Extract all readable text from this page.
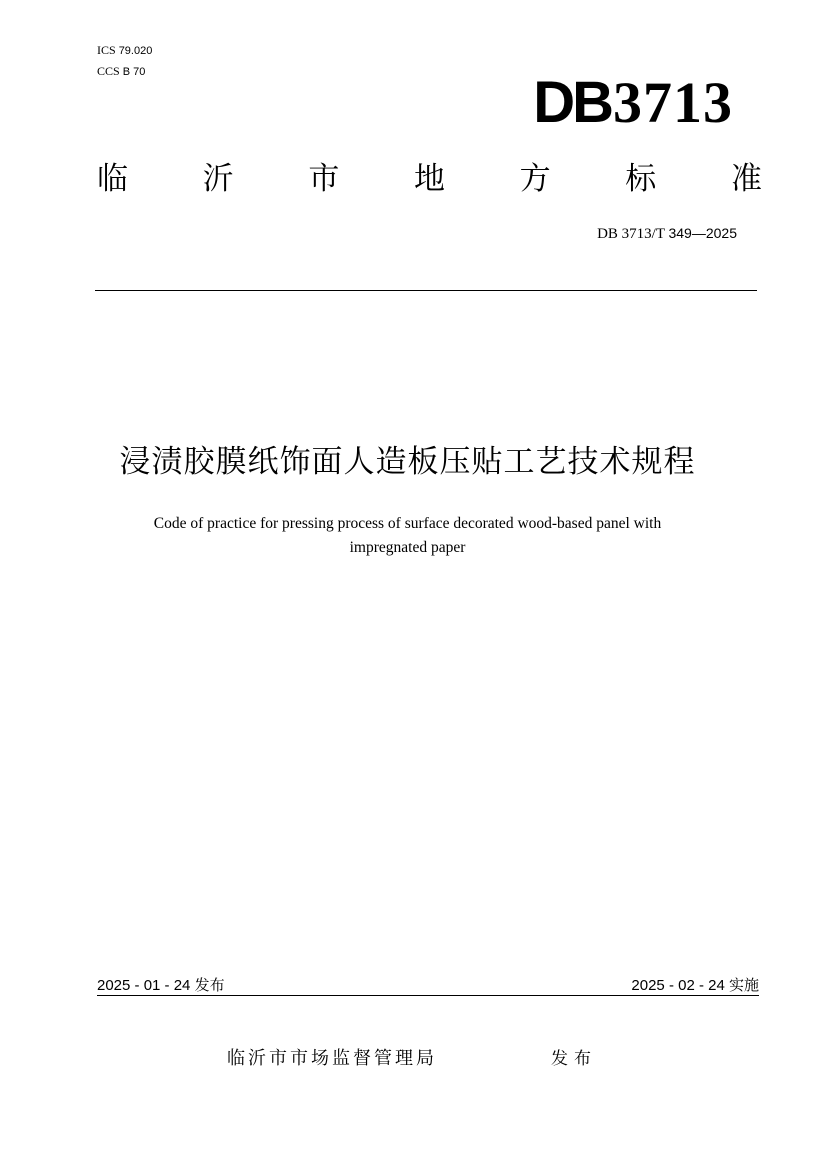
ICS 79.020
CCS B 70	DB3713
临 沂 市 地 方 标 准
DB 3713/T 349—2025
浸渍胶膜纸饰面人造板压贴工艺技术规程
Code of practice for pressing process of surface decorated wood-based panel with
impregnated paper
2025 - 01 - 24 发布	2025 - 02 - 24 实施
临沂市市场监督管理局	发布
